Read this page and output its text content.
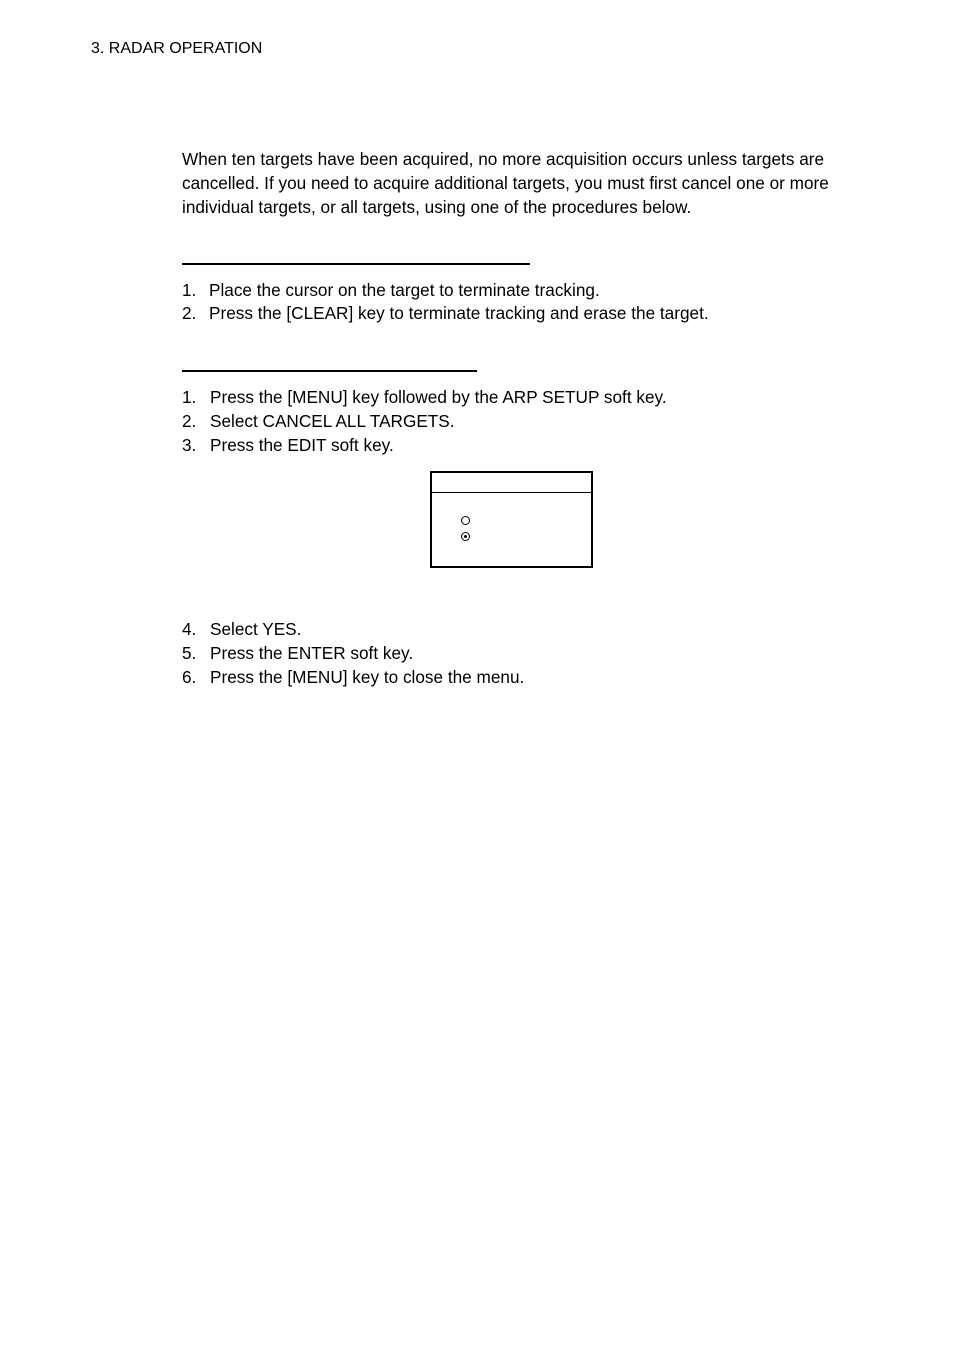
3. RADAR OPERATION

When ten targets have been acquired, no more acquisition occurs unless targets are cancelled. If you need to acquire additional targets, you must first cancel one or more individual targets, or all targets, using one of the procedures below.

1. Place the cursor on the target to terminate tracking.
2. Press the [CLEAR] key to terminate tracking and erase the target.
1. Press the [MENU] key followed by the ARP SETUP soft key.
2. Select CANCEL ALL TARGETS.
3. Press the EDIT soft key.
4. Select YES.
5. Press the ENTER soft key.
6. Press the [MENU] key to close the menu.
